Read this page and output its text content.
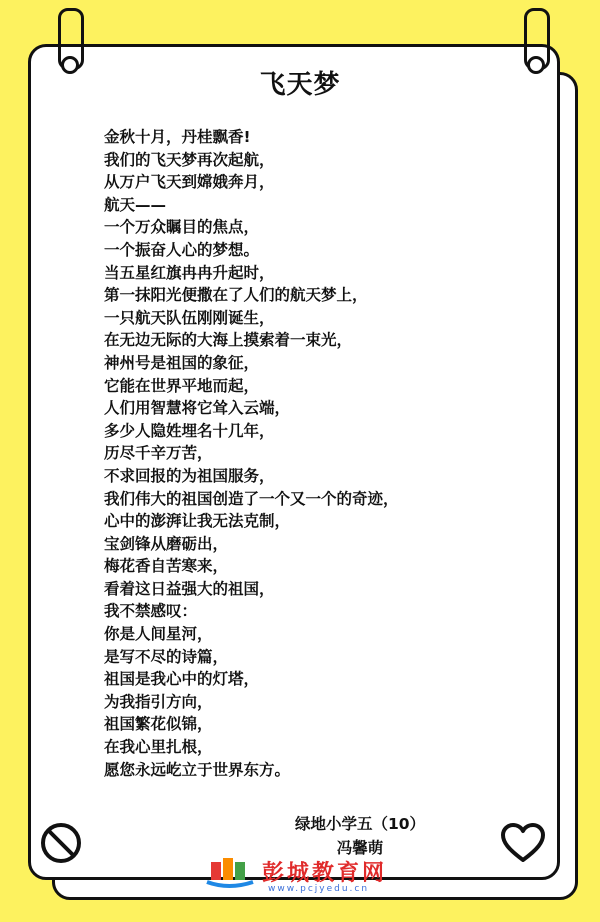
飞天梦
金秋十月，丹桂飘香!
我们的飞天梦再次起航，
从万户飞天到嫦娥奔月，
航天——
一个万众瞩目的焦点，
一个振奋人心的梦想。
当五星红旗冉冉升起时，
第一抹阳光便撒在了人们的航天梦上，
一只航天队伍刚刚诞生，
在无边无际的大海上摸索着一束光，
神州号是祖国的象征，
它能在世界平地而起，
人们用智慧将它耸入云端，
多少人隐姓埋名十几年，
历尽千辛万苦，
不求回报的为祖国服务，
我们伟大的祖国创造了一个又一个的奇迹，
心中的澎湃让我无法克制，
宝剑锋从磨砺出，
梅花香自苦寒来，
看着这日益强大的祖国，
我不禁感叹：
你是人间星河，
是写不尽的诗篇，
祖国是我心中的灯塔，
为我指引方向，
祖国繁花似锦，
在我心里扎根，
愿您永远屹立于世界东方。
绿地小学五（10）
冯馨萌
彭城教育网
www.pcjyedu.cn
